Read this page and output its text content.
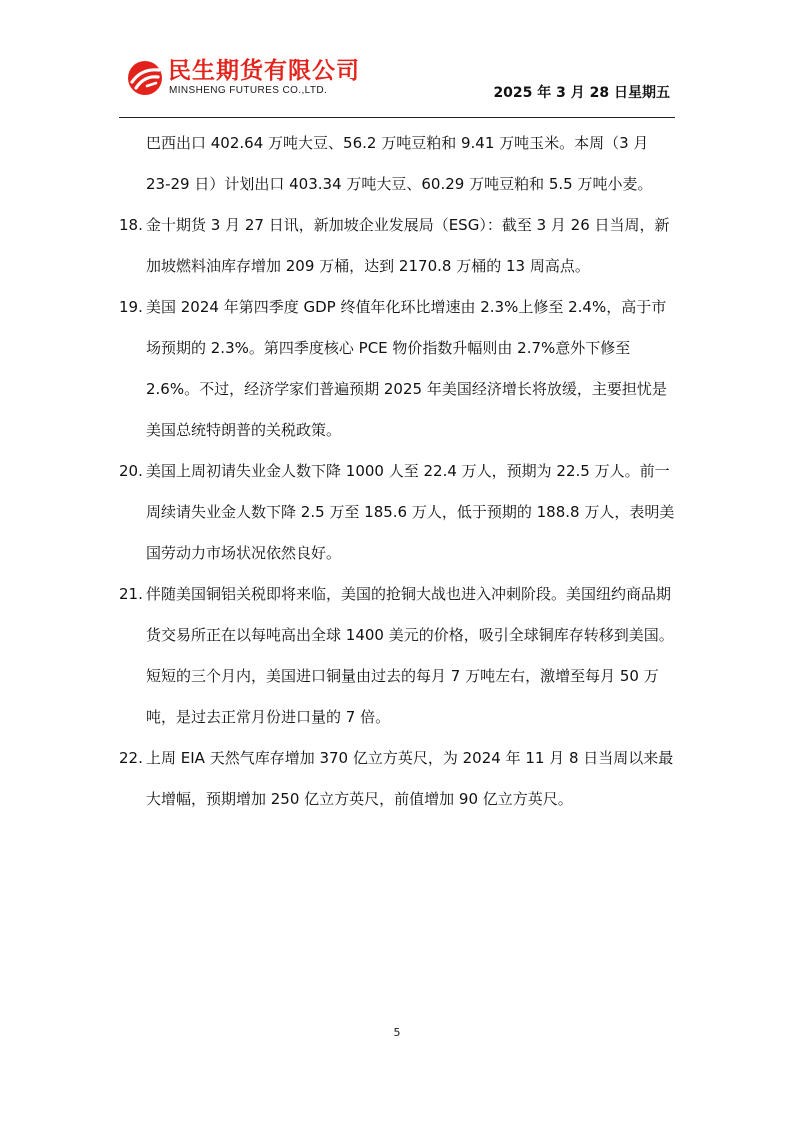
民生期货有限公司
MINSHENG FUTURES CO.,LTD.	2025 年 3 月 28 日星期五
巴西出口 402.64 万吨大豆、56.2 万吨豆粕和 9.41 万吨玉米。本周（3 月 23-29 日）计划出口 403.34 万吨大豆、60.29 万吨豆粕和 5.5 万吨小麦。
18. 金十期货 3 月 27 日讯，新加坡企业发展局（ESG）：截至 3 月 26 日当周，新加坡燃料油库存增加 209 万桶，达到 2170.8 万桶的 13 周高点。
19. 美国 2024 年第四季度 GDP 终值年化环比增速由 2.3%上修至 2.4%，高于市场预期的 2.3%。第四季度核心 PCE 物价指数升幅则由 2.7%意外下修至 2.6%。不过，经济学家们普遍预期 2025 年美国经济增长将放缓，主要担忧是美国总统特朗普的关税政策。
20. 美国上周初请失业金人数下降 1000 人至 22.4 万人，预期为 22.5 万人。前一周续请失业金人数下降 2.5 万至 185.6 万人，低于预期的 188.8 万人，表明美国劳动力市场状况依然良好。
21. 伴随美国铜铝关税即将来临，美国的抢铜大战也进入冲刺阶段。美国纽约商品期货交易所正在以每吨高出全球 1400 美元的价格，吸引全球铜库存转移到美国。短短的三个月内，美国进口铜量由过去的每月 7 万吨左右，激增至每月 50 万吨，是过去正常月份进口量的 7 倍。
22. 上周 EIA 天然气库存增加 370 亿立方英尺，为 2024 年 11 月 8 日当周以来最大增幅，预期增加 250 亿立方英尺，前值增加 90 亿立方英尺。
5
